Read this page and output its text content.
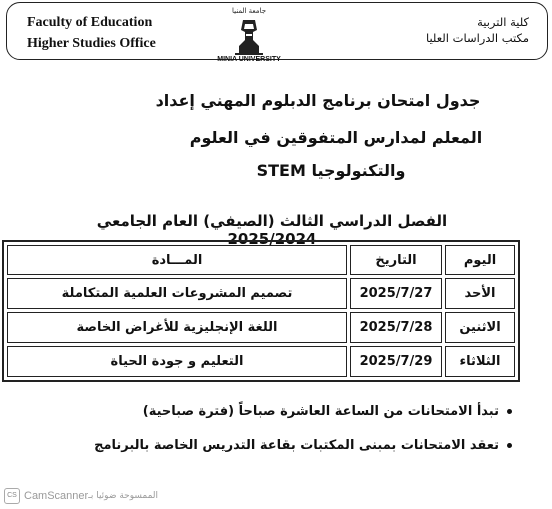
Faculty of Education
Higher Studies Office
كلية التربية
مكتب الدراسات العليا
جامعة المنيا
MINIA UNIVERSITY
جدول امتحان برنامج الدبلوم المهني إعداد
المعلم لمدارس المتفوقين في العلوم
والتكنولوجيا STEM
الفصل الدراسي الثالث (الصيفي) العام الجامعي 2025/2024
اليوم	التاريخ	المـــادة
الأحد	2025/7/27	تصميم المشروعات العلمية المتكاملة
الاثنين	2025/7/28	اللغة الإنجليزية للأغراض الخاصة
الثلاثاء	2025/7/29	التعليم و جودة الحياة
تبدأ الامتحانات من الساعة العاشرة صباحاً (فترة صباحية)
تعقد الامتحانات بمبنى المكتبات بقاعة التدريس الخاصة بالبرنامج
CS CamScanner الممسوحة ضوئيا بـ
